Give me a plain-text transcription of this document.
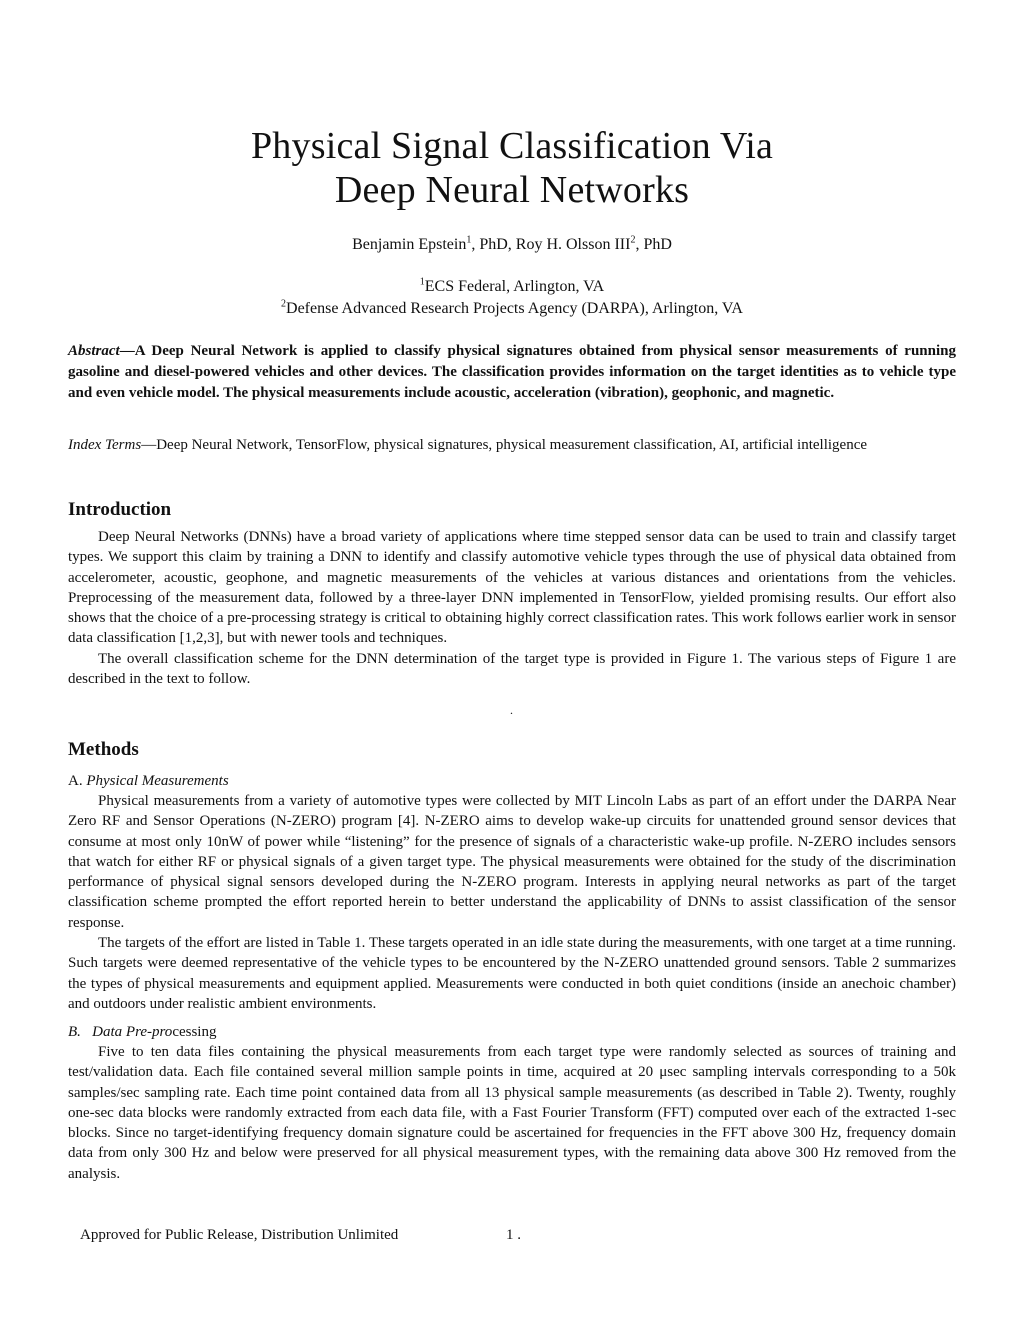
Physical Signal Classification Via
Deep Neural Networks
Benjamin Epstein$^1$, PhD, Roy H. Olsson III$^2$, PhD
$^1$ECS Federal, Arlington, VA
$^2$Defense Advanced Research Projects Agency (DARPA), Arlington, VA
Abstract—A Deep Neural Network is applied to classify physical signatures obtained from physical sensor measurements of running gasoline and diesel-powered vehicles and other devices. The classification provides information on the target identities as to vehicle type and even vehicle model. The physical measurements include acoustic, acceleration (vibration), geophonic, and magnetic.
Index Terms—Deep Neural Network, TensorFlow, physical signatures, physical measurement classification, AI, artificial intelligence
Introduction

Deep Neural Networks (DNNs) have a broad variety of applications where time stepped sensor data can be used to train and classify target types. We support this claim by training a DNN to identify and classify automotive vehicle types through the use of physical data obtained from accelerometer, acoustic, geophone, and magnetic measurements of the vehicles at various distances and orientations from the vehicles. Preprocessing of the measurement data, followed by a three-layer DNN implemented in TensorFlow, yielded promising results. Our effort also shows that the choice of a pre-processing strategy is critical to obtaining highly correct classification rates. This work follows earlier work in sensor data classification [1,2,3], but with newer tools and techniques.

The overall classification scheme for the DNN determination of the target type is provided in Figure 1. The various steps of Figure 1 are described in the text to follow.

.
Methods
A. Physical Measurements

Physical measurements from a variety of automotive types were collected by MIT Lincoln Labs as part of an effort under the DARPA Near Zero RF and Sensor Operations (N-ZERO) program [4]. N-ZERO aims to develop wake-up circuits for unattended ground sensor devices that consume at most only 10nW of power while “listening” for the presence of signals of a characteristic wake-up profile. N-ZERO includes sensors that watch for either RF or physical signals of a given target type. The physical measurements were obtained for the study of the discrimination performance of physical signal sensors developed during the N-ZERO program. Interests in applying neural networks as part of the target classification scheme prompted the effort reported herein to better understand the applicability of DNNs to assist classification of the sensor response.

The targets of the effort are listed in Table 1. These targets operated in an idle state during the measurements, with one target at a time running. Such targets were deemed representative of the vehicle types to be encountered by the N-ZERO unattended ground sensors. Table 2 summarizes the types of physical measurements and equipment applied. Measurements were conducted in both quiet conditions (inside an anechoic chamber) and outdoors under realistic ambient environments.

B. Data Pre-processing

Five to ten data files containing the physical measurements from each target type were randomly selected as sources of training and test/validation data. Each file contained several million sample points in time, acquired at 20 μsec sampling intervals corresponding to a 50k samples/sec sampling rate. Each time point contained data from all 13 physical sample measurements (as described in Table 2). Twenty, roughly one-sec data blocks were randomly extracted from each data file, with a Fast Fourier Transform (FFT) computed over each of the extracted 1-sec blocks. Since no target-identifying frequency domain signature could be ascertained for frequencies in the FFT above 300 Hz, frequency domain data from only 300 Hz and below were preserved for all physical measurement types, with the remaining data above 300 Hz removed from the analysis.

Approved for Public Release, Distribution Unlimited	1 .
